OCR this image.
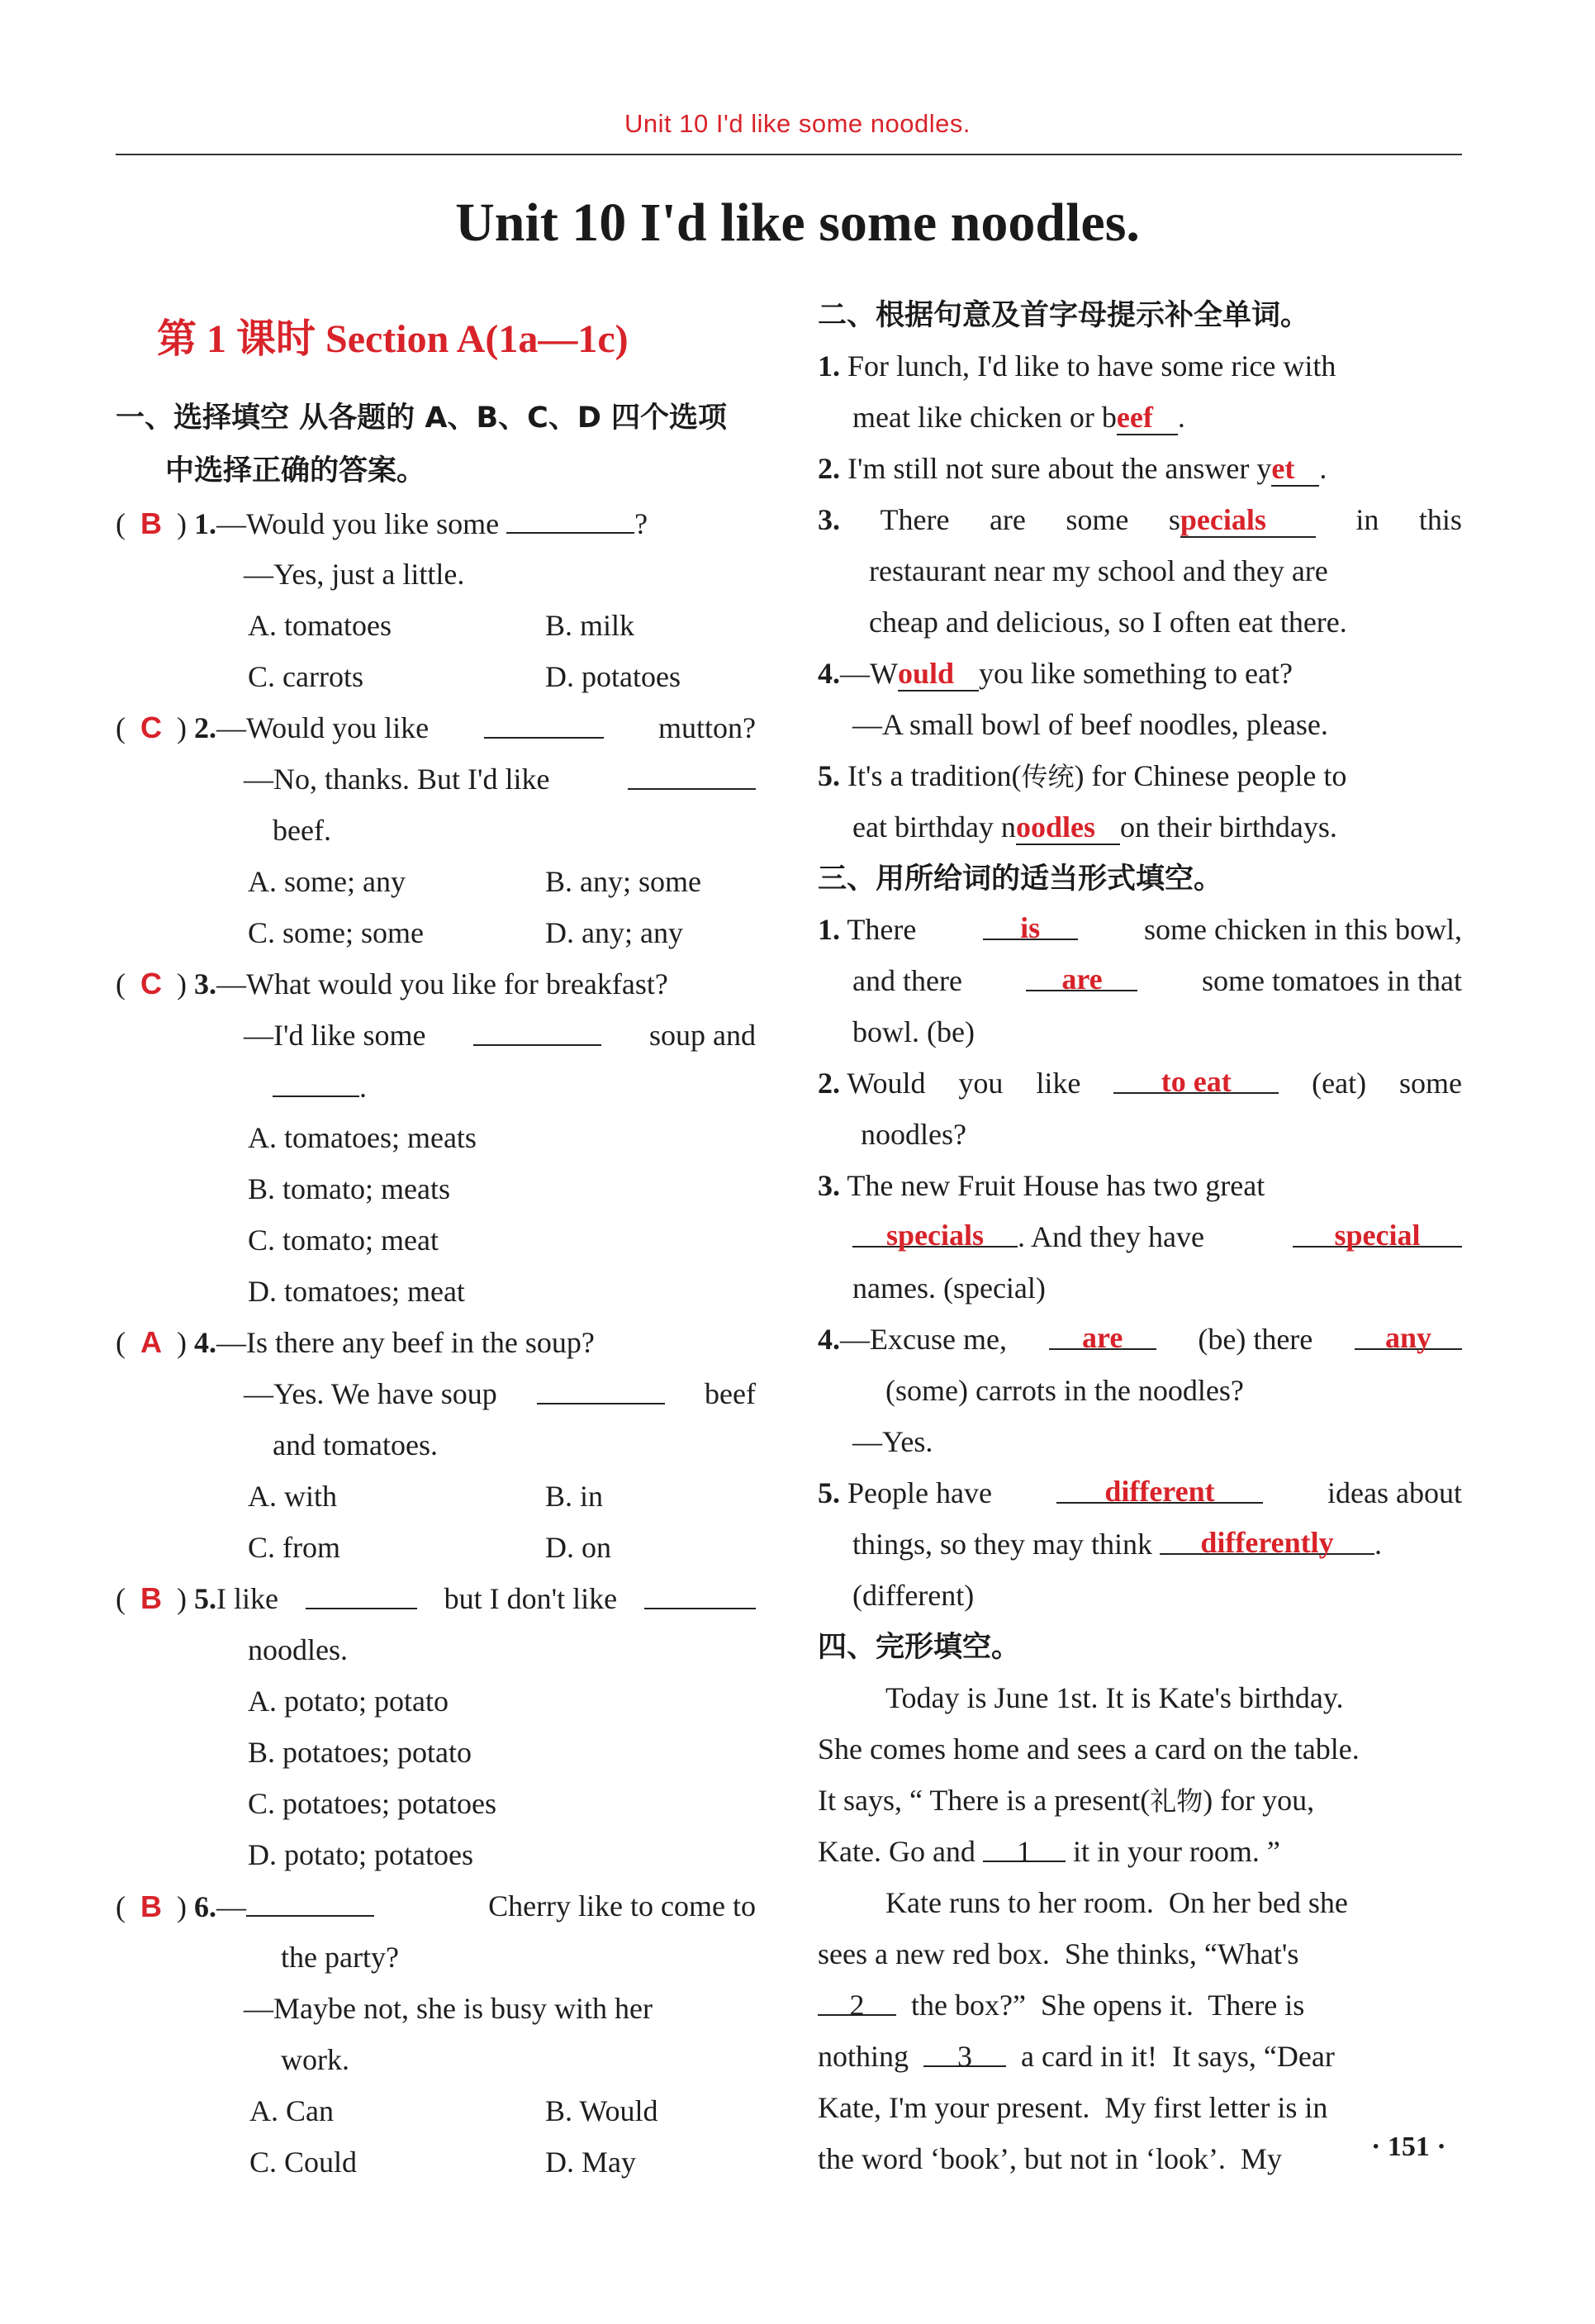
Unit 10 I'd like some noodles.
Unit 10 I'd like some noodles.
第 1 课时 Section A(1a—1c)
一、选择填空 从各题的 A、B、C、D 四个选项
中选择正确的答案。
(  B  ) 1.—Would you like some	?
—Yes, just a little.
A. tomatoes	B. milk
C. carrots	D. potatoes
(  C  ) 2.—Would you like	mutton?
—No, thanks. But I'd like
beef.
A. some; any	B. any; some
C. some; some	D. any; any
(  C  ) 3.—What would you like for breakfast?
—I'd like some	soup and
.
A. tomatoes; meats
B. tomato; meats
C. tomato; meat
D. tomatoes; meat
(  A  ) 4.—Is there any beef in the soup?
—Yes. We have soup	beef
and tomatoes.
A. with	B. in
C. from	D. on
(  B  ) 5.I like	but I don't like
noodles.
A. potato; potato
B. potatoes; potato
C. potatoes; potatoes
D. potato; potatoes
(  B  ) 6.—	Cherry like to come to
the party?
—Maybe not, she is busy with her
work.
A. Can	B. Would
C. Could	D. May
二、根据句意及首字母提示补全单词。
1. For lunch, I'd like to have some rice with
meat like chicken or beef .
2. I'm still not sure about the answer yet .
3. There are some specials	in this
restaurant near my school and they are
cheap and delicious, so I often eat there.
4.—Would you like something to eat?
—A small bowl of beef noodles, please.
5. It's a tradition(传统) for Chinese people to
eat birthday noodles on their birthdays.
三、用所给词的适当形式填空。
1. There	is	some chicken in this bowl,
and there	are	some tomatoes in that
bowl. (be)
2. Would you like	to eat	(eat) some
noodles?
3. The new Fruit House has two great
specials . And they have	special
names. (special)
4.—Excuse me,	are	(be) there	any
(some) carrots in the noodles?
—Yes.
5. People have	different	ideas about
things, so they may think differently .
(different)
四、完形填空。
Today is June 1st. It is Kate's birthday.
She comes home and sees a card on the table.
It says, “ There is a present(礼物) for you,
Kate. Go and 1 it in your room. ”
Kate runs to her room.  On her bed she
sees a new red box.  She thinks, “What's
2 the box?”  She opens it.  There is
nothing 3 a card in it!  It says, “Dear
Kate, I'm your present.  My first letter is in
the word ‘book’, but not in ‘look’.  My	· 151 ·
